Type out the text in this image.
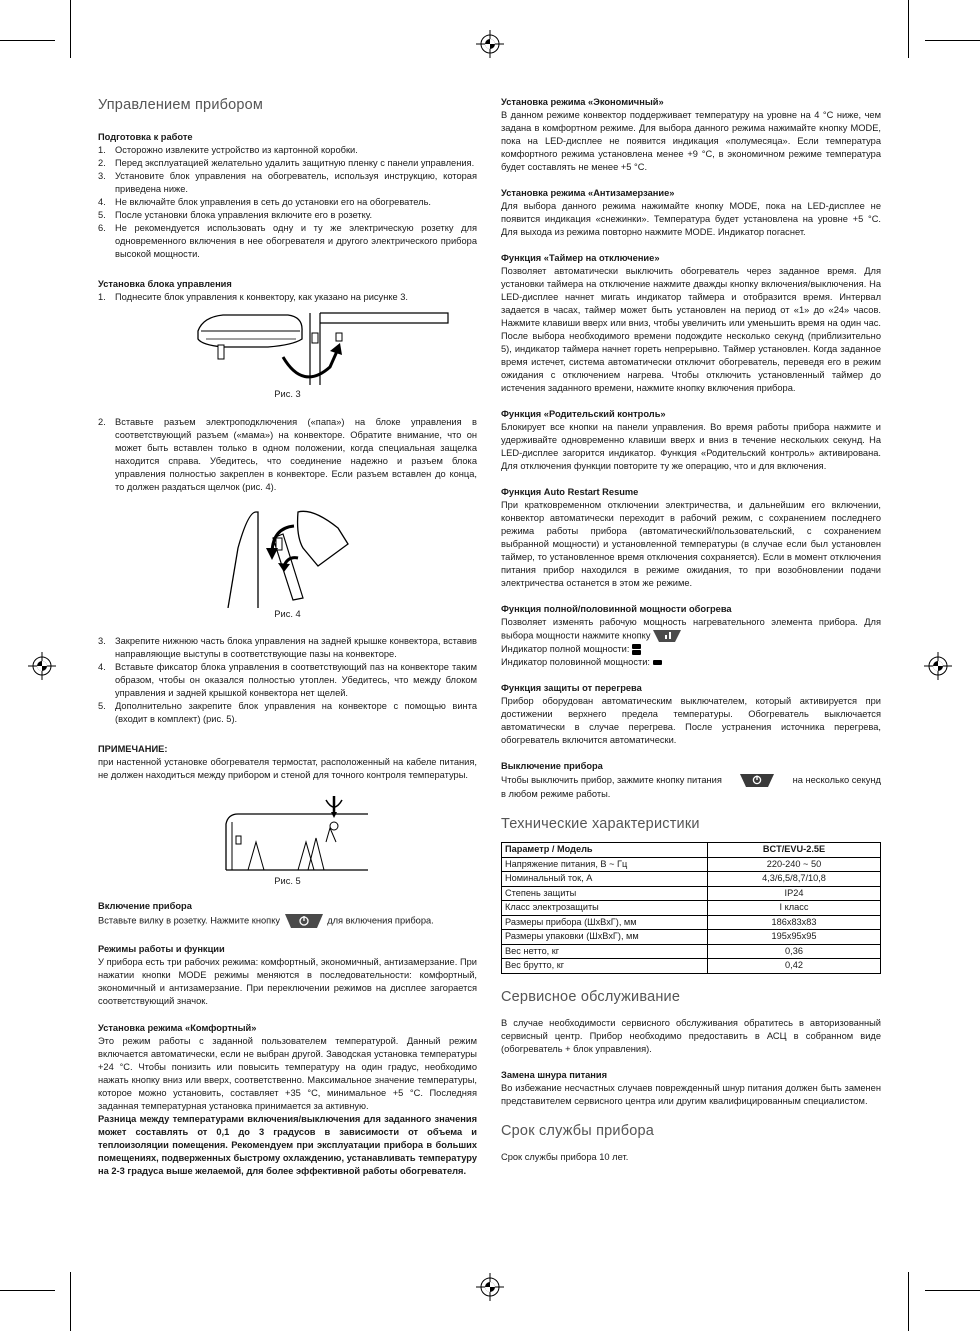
Управлением прибором
Подготовка к работе
1. Осторожно извлеките устройство из картонной коробки.
2. Перед эксплуатацией желательно удалить защитную пленку с панели управления.
3. Установите блок управления на обогреватель, используя инструкцию, которая приведена ниже.
4. Не включайте блок управления в сеть до установки его на обогреватель.
5. После установки блока управления включите его в розетку.
6. Не рекомендуется использовать одну и ту же электрическую розетку для одновременного включения в нее обогревателя и другого электрического прибора высокой мощности.
Установка блока управления
1. Поднесите блок управления к конвектору, как указано на рисунке 3.
Рис. 3
2. Вставьте разъем электроподключения («папа») на блоке управления в соответствующий разъем («мама») на конвекторе. Обратите внимание, что он может быть вставлен только в одном положении, когда специальная защелка находится справа. Убедитесь, что соединение надежно и разъем блока управления полностью закреплен в конвекторе. Если разъем вставлен до конца, то должен раздаться щелчок (рис. 4).
Рис. 4
3. Закрепите нижнюю часть блока управления на задней крышке конвектора, вставив направляющие выступы в соответствующие пазы на конвекторе.
4. Вставьте фиксатор блока управления в соответствующий паз на конвекторе таким образом, чтобы он оказался полностью утоплен. Убедитесь, что между блоком управления и задней крышкой конвектора нет щелей.
5. Дополнительно закрепите блок управления на конвекторе с помощью винта (входит в комплект) (рис. 5).
ПРИМЕЧАНИЕ:

при настенной установке обогревателя термостат, расположенный на кабеле питания, не должен находиться между прибором и стеной для точного контроля температуры.

Рис. 5
Включение прибора

Вставьте вилку в розетку. Нажмите кнопку	для включения прибора.

Режимы работы и функции

У прибора есть три рабочих режима: комфортный, экономичный, антизамерзание. При нажатии кнопки MODE режимы меняются в последовательности: комфортный, экономичный и антизамерзание. При переключении режимов на дисплее загорается соответствующий значок.

Установка режима «Комфортный»

Это режим работы с заданной пользователем температурой. Данный режим включается автоматически, если не выбран другой. Заводская установка температуры +24 °C. Чтобы понизить или повысить температуру на один градус, необходимо нажать кнопку вниз или вверх, соответственно. Максимальное значение температуры, которое можно установить, составляет +35 °C, минимальное +5 °C. Последняя заданная температурная установка принимается за активную.

Разница между температурами включения/выключения для заданного значения может составлять от 0,1 до 3 градусов в зависимости от объема и теплоизоляции помещения. Рекомендуем при эксплуатации прибора в больших помещениях, подверженных быстрому охлаждению, устанавливать температуру на 2-3 градуса выше желаемой, для более эффективной работы обогревателя.

Установка режима «Экономичный»

В данном режиме конвектор поддерживает температуру на уровне на 4 °C ниже, чем задана в комфортном режиме. Для выбора данного режима нажимайте кнопку MODE, пока на LED-дисплее не появится индикация «полумесяца». Если температура комфортного режима установлена менее +9 °C, в экономичном режиме температура будет составлять не менее +5 °C.

Установка режима «Антизамерзание»

Для выбора данного режима нажимайте кнопку MODE, пока на LED-дисплее не появится индикация «снежинки». Температура будет установлена на уровне +5 °C. Для выхода из режима повторно нажмите MODE. Индикатор погаснет.

Функция «Таймер на отключение»

Позволяет автоматически выключить обогреватель через заданное время. Для установки таймера на отключение нажмите дважды кнопку включения/выключения. На LED-дисплее начнет мигать индикатор таймера и отобразится время. Интервал задается в часах, таймер может быть установлен на период от «1» до «24» часов. Нажмите клавиши вверх или вниз, чтобы увеличить или уменьшить время на один час. После выбора необходимого времени подождите несколько секунд (приблизительно 5), индикатор таймера начнет гореть непрерывно. Таймер установлен. Когда заданное время истечет, система автоматически отключит обогреватель, переведя его в режим ожидания с отключением нагрева. Чтобы отключить установленный таймер до истечения заданного времени, нажмите кнопку включения прибора.

Функция «Родительский контроль»

Блокирует все кнопки на панели управления. Во время работы прибора нажмите и удерживайте одновременно клавиши вверх и вниз в течение нескольких секунд. На LED-дисплее загорится индикатор. Функция «Родительский контроль» активирована. Для отключения функции повторите ту же операцию, что и для включения.

Функция Auto Restart Resume

При кратковременном отключении электричества, и дальнейшим его включении, конвектор автоматически переходит в рабочий режим, с сохранением последнего режима работы прибора (автоматический/пользовательский, с сохранением выбранной мощности) и установленной температуры (в случае если был установлен таймер, то установленное время отключения сохраняется). Если в момент отключения питания прибор находился в режиме ожидания, то при возобновлении подачи электричества останется в этом же режиме.

Функция полной/половинной мощности обогрева

Позволяет изменять рабочую мощность нагревательного элемента прибора. Для выбора мощности нажмите кнопку

Индикатор полной мощности:

Индикатор половинной мощности:

Функция защиты от перегрева

Прибор оборудован автоматическим выключателем, который активируется при достижении верхнего предела температуры. Обогреватель выключается автоматически в случае перегрева. После устранения источника перегрева, обогреватель включится автоматически.

Выключение прибора

Чтобы выключить прибор, зажмите кнопку питания	на несколько секунд

в любом режиме работы.

Технические характеристики
Параметр / Модель	BCT/EVU-2.5E
Напряжение питания, В ~ Гц	220-240 ~ 50
Номинальный ток, А	4,3/6,5/8,7/10,8
Степень защиты	IP24
Класс электрозащиты	I класс
Размеры прибора (ШхВхГ), мм	186x83x83
Размеры упаковки (ШхВхГ), мм	195x95x95
Вес нетто, кг	0,36
Вес брутто, кг	0,42
Сервисное обслуживание

В случае необходимости сервисного обслуживания обратитесь в авторизованный сервисный центр. Прибор необходимо предоставить в АСЦ в собранном виде (обогреватель + блок управления).

Замена шнура питания

Во избежание несчастных случаев поврежденный шнур питания должен быть заменен представителем сервисного центра или другим квалифицированным специалистом.

Срок службы прибора

Срок службы прибора 10 лет.
